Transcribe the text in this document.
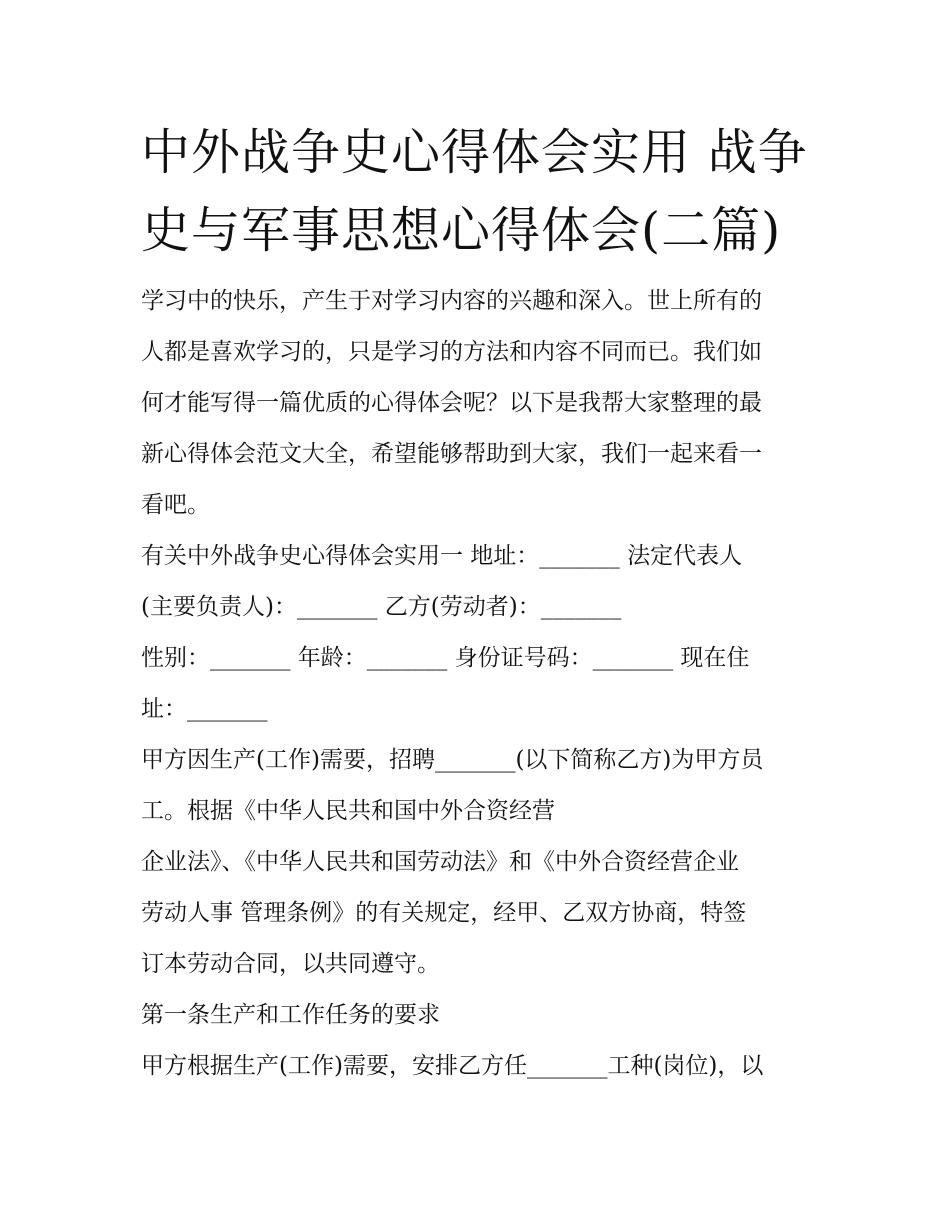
中外战争史心得体会实用 战争
史与军事思想心得体会(二篇)

学习中的快乐，产生于对学习内容的兴趣和深入。世上所有的
人都是喜欢学习的，只是学习的方法和内容不同而已。我们如
何才能写得一篇优质的心得体会呢？以下是我帮大家整理的最
新心得体会范文大全，希望能够帮助到大家，我们一起来看一
看吧。

有关中外战争史心得体会实用一 地址：_______ 法定代表人

(主要负责人)：_______ 乙方(劳动者)：_______

性别：_______ 年龄：_______ 身份证号码：_______ 现在住
址：_______

甲方因生产(工作)需要，招聘_______(以下简称乙方)为甲方员
工。根据《中华人民共和国中外合资经营

企业法》、《中华人民共和国劳动法》和《中外合资经营企业
劳动人事 管理条例》的有关规定，经甲、乙双方协商，特签
订本劳动合同，以共同遵守。

第一条生产和工作任务的要求

甲方根据生产(工作)需要，安排乙方任_______工种(岗位)，以
